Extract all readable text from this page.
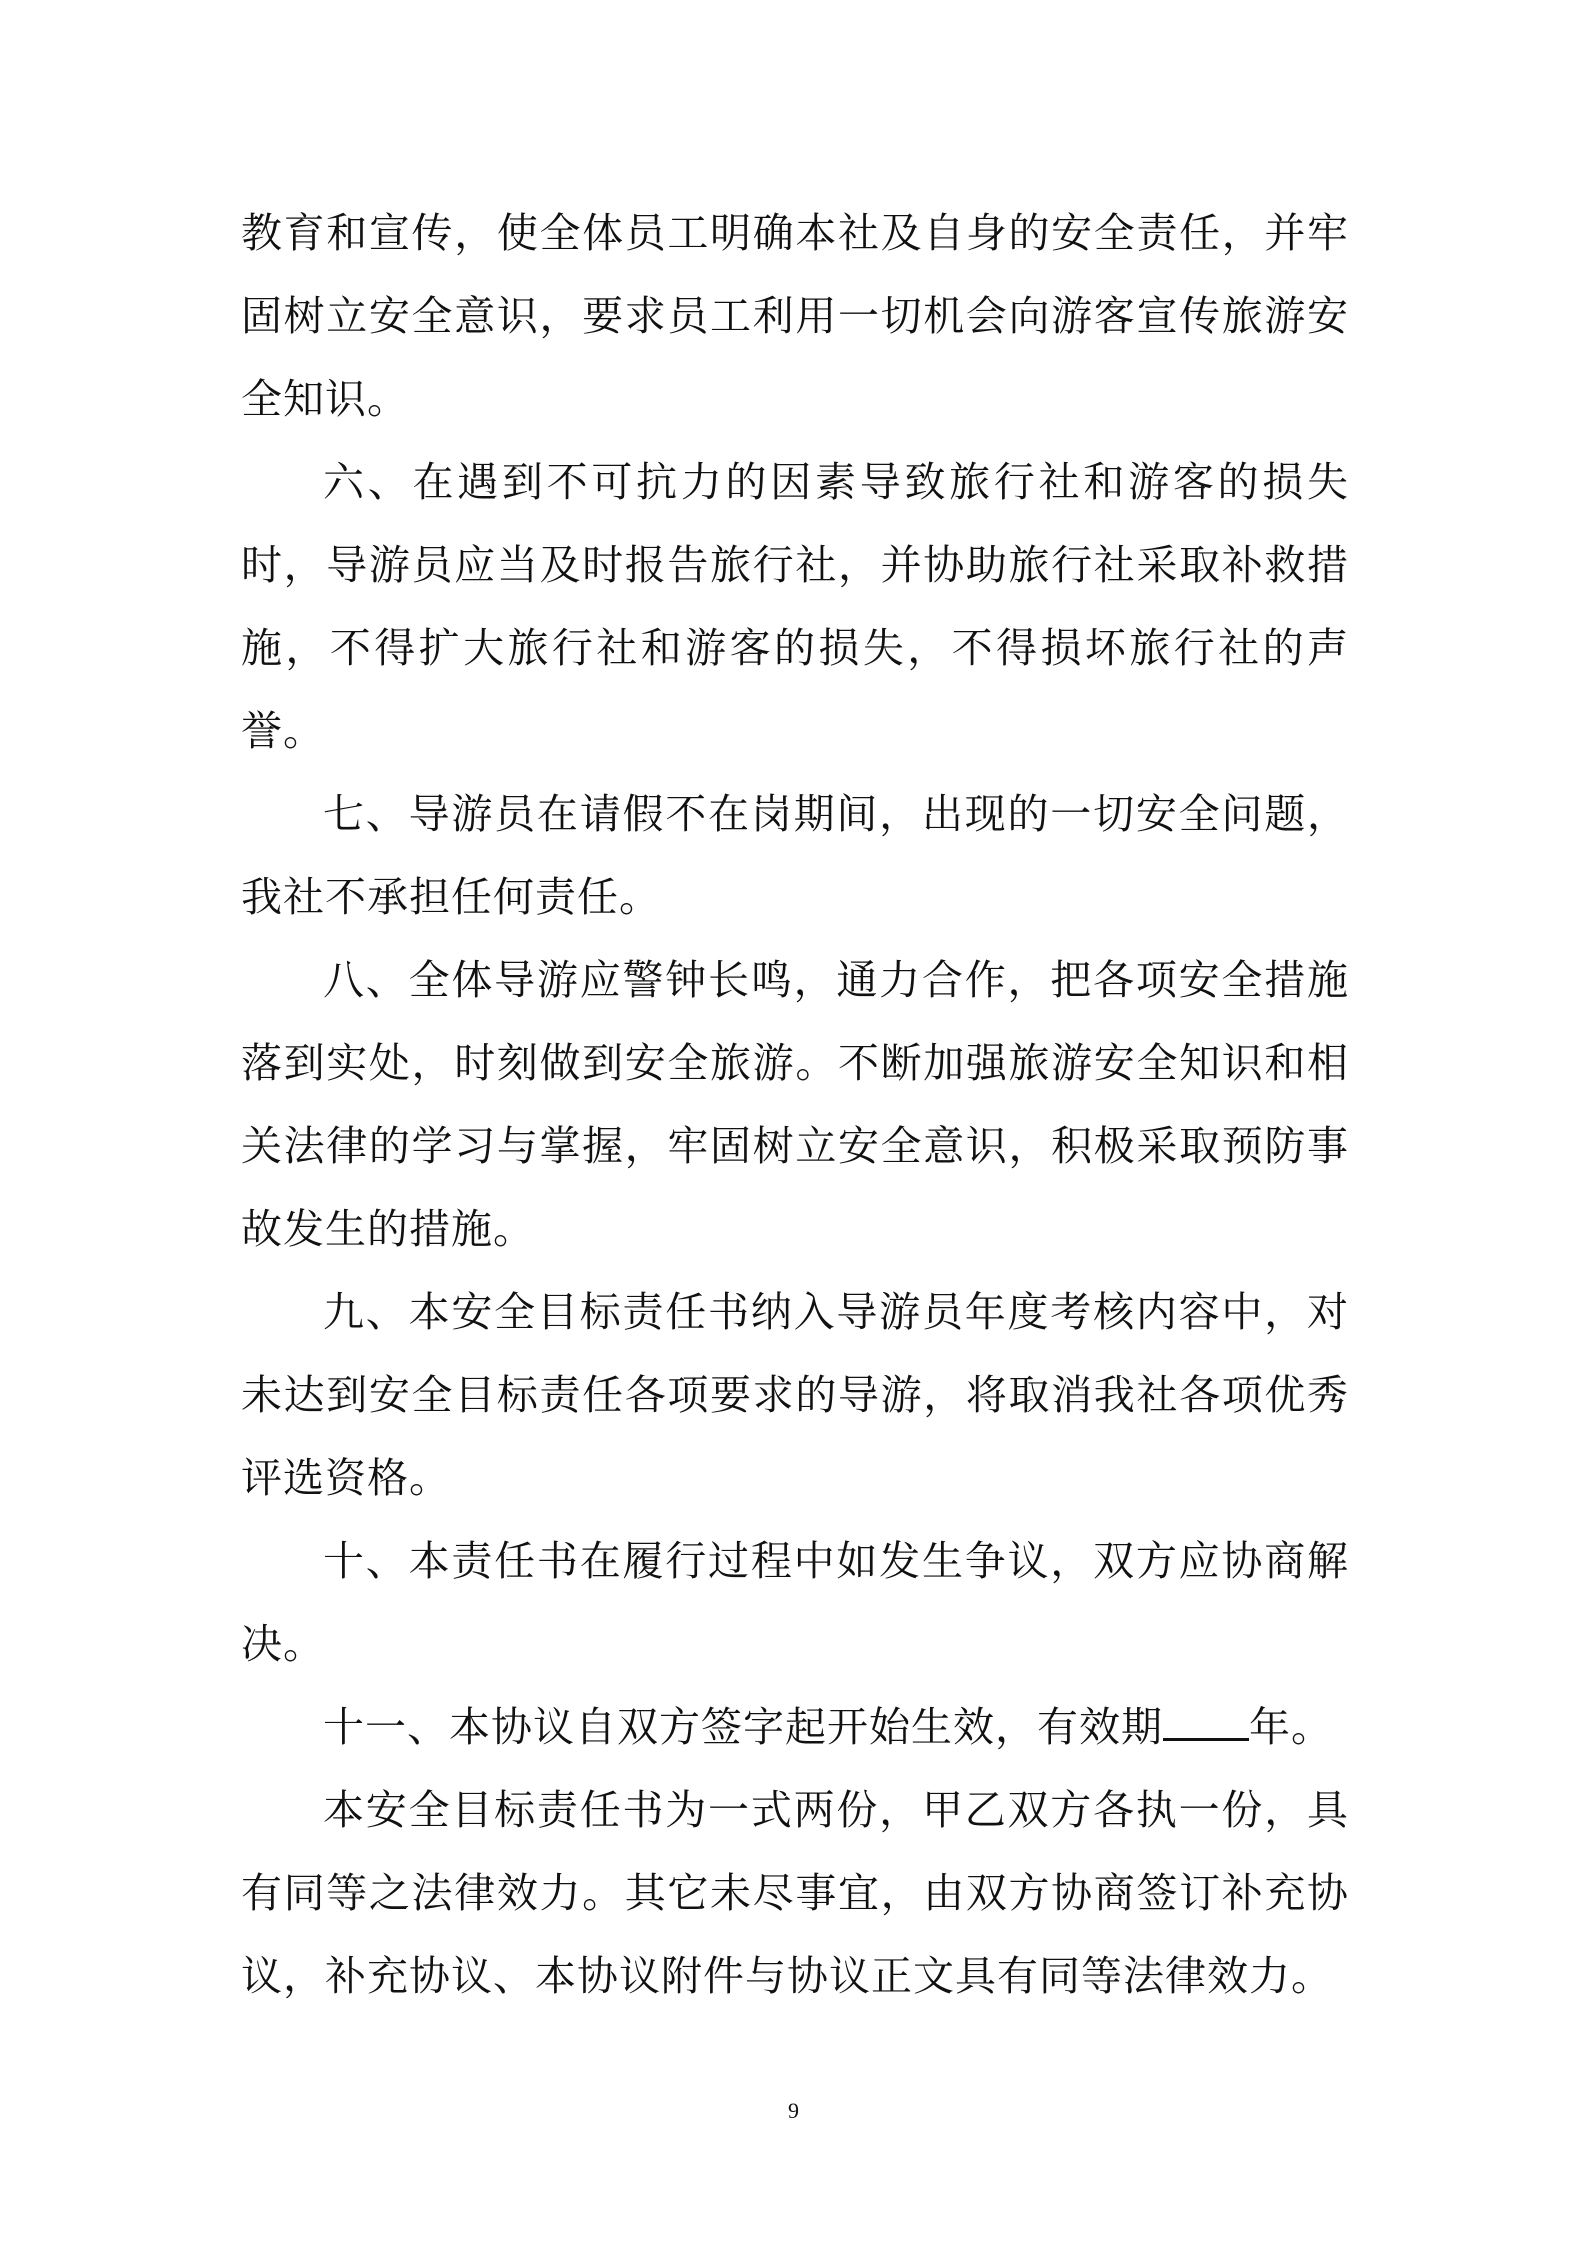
教育和宣传，使全体员工明确本社及自身的安全责任，并牢固树立安全意识，要求员工利用一切机会向游客宣传旅游安全知识。

六、在遇到不可抗力的因素导致旅行社和游客的损失时，导游员应当及时报告旅行社，并协助旅行社采取补救措施，不得扩大旅行社和游客的损失，不得损坏旅行社的声誉。

七、导游员在请假不在岗期间，出现的一切安全问题，我社不承担任何责任。

八、全体导游应警钟长鸣，通力合作，把各项安全措施落到实处，时刻做到安全旅游。不断加强旅游安全知识和相关法律的学习与掌握，牢固树立安全意识，积极采取预防事故发生的措施。

九、本安全目标责任书纳入导游员年度考核内容中，对未达到安全目标责任各项要求的导游，将取消我社各项优秀评选资格。

十、本责任书在履行过程中如发生争议，双方应协商解决。

十一、本协议自双方签字起开始生效，有效期 年。

本安全目标责任书为一式两份，甲乙双方各执一份，具有同等之法律效力。其它未尽事宜，由双方协商签订补充协议，补充协议、本协议附件与协议正文具有同等法律效力。

9
